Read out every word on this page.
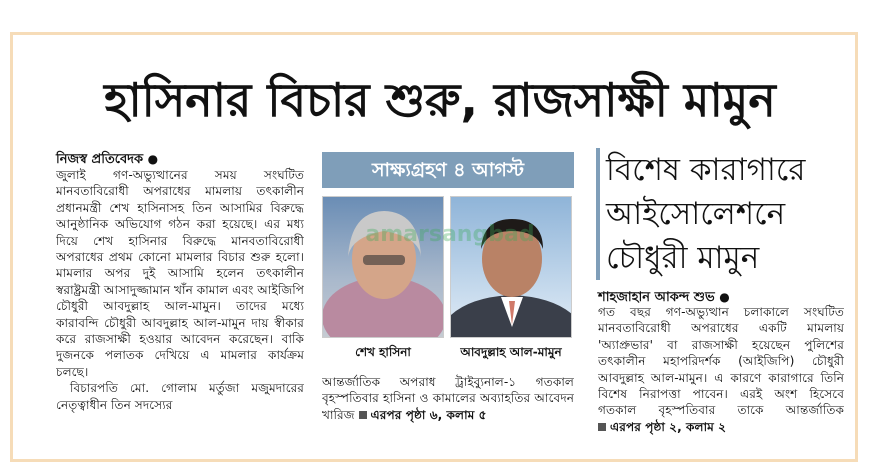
হাসিনার বিচার শুরু, রাজসাক্ষী মামুন
নিজস্ব প্রতিবেদক ●

জুলাই গণ-অভ্যুত্থানের সময় সংঘটিত মানবতাবিরোধী অপরাধের মামলায় তৎকালীন প্রধানমন্ত্রী শেখ হাসিনাসহ তিন আসামির বিরুদ্ধে আনুষ্ঠানিক অভিযোগ গঠন করা হয়েছে। এর মধ্য দিয়ে শেখ হাসিনার বিরুদ্ধে মানবতাবিরোধী অপরাধের প্রথম কোনো মামলার বিচার শুরু হলো। মামলার অপর দুই আসামি হলেন তৎকালীন স্বরাষ্ট্রমন্ত্রী আসাদুজ্জামান খাঁন কামাল এবং আইজিপি চৌধুরী আবদুল্লাহ আল-মামুন। তাদের মধ্যে কারাবন্দি চৌধুরী আবদুল্লাহ আল-মামুন দায় স্বীকার করে রাজসাক্ষী হওয়ার আবেদন করেছেন। বাকি দুজনকে পলাতক দেখিয়ে এ মামলার কার্যক্রম চলছে।

বিচারপতি মো. গোলাম মর্তুজা মজুমদারের নেতৃত্বাধীন তিন সদস্যের

সাক্ষ্যগ্রহণ ৪ আগস্ট
শেখ হাসিনা	আবদুল্লাহ আল-মামুন
amarsangbad

আন্তর্জাতিক অপরাধ ট্রাইব্যুনাল-১ গতকাল বৃহস্পতিবার হাসিনা ও কামালের অব্যাহতির আবেদন খারিজ এরপর পৃষ্ঠা ৬, কলাম ৫

বিশেষ কারাগারে
আইসোলেশনে
চৌধুরী মামুন
শাহজাহান আকন্দ শুভ ●

গত বছর গণ-অভ্যুত্থান চলাকালে সংঘটিত মানবতাবিরোধী অপরাধের একটি মামলায় 'অ্যাপ্রুভার' বা রাজসাক্ষী হয়েছেন পুলিশের তৎকালীন মহাপরিদর্শক (আইজিপি) চৌধুরী আবদুল্লাহ আল-মামুন। এ কারণে কারাগারে তিনি বিশেষ নিরাপত্তা পাবেন। এরই অংশ হিসেবে গতকাল বৃহস্পতিবার তাকে আন্তর্জাতিক এরপর পৃষ্ঠা ২, কলাম ২
